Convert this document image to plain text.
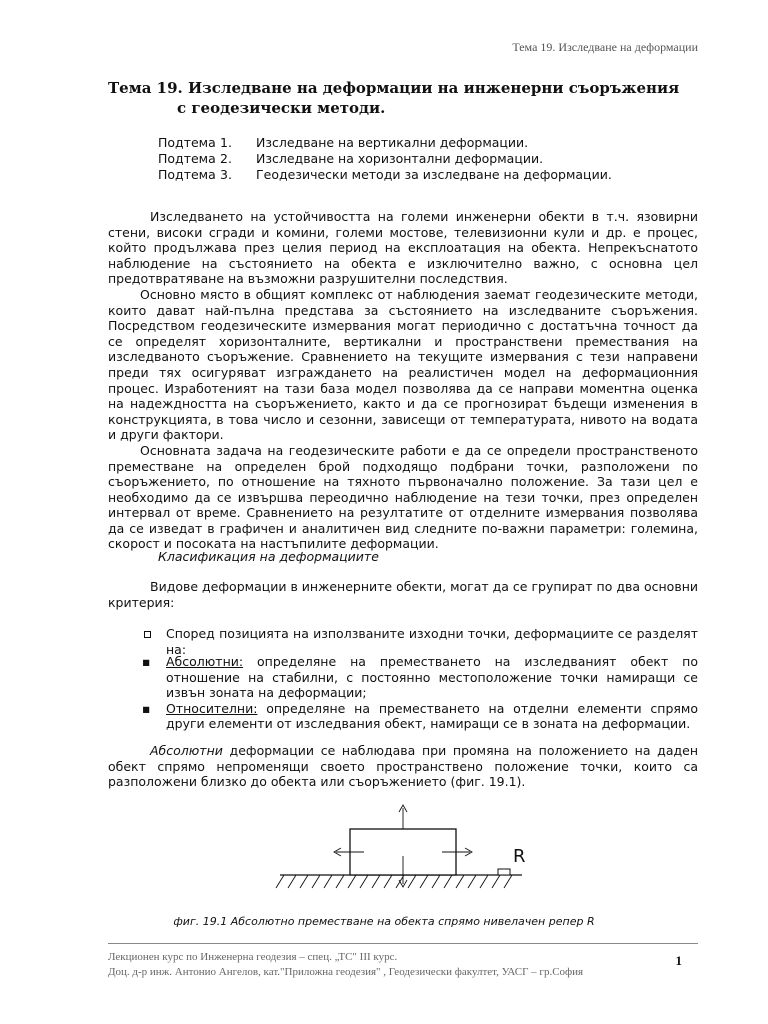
Тема 19. Изследване на деформации
Тема 19. Изследване на деформации на инженерни съоръжения
с геодезически методи.
Подтема 1. Изследване на вертикални деформации.
Подтема 2. Изследване на хоризонтални деформации.
Подтема 3. Геодезически методи за изследване на деформации.

Изследването на устойчивостта на големи инженерни обекти в т.ч. язовирни стени, високи сгради и комини, големи мостове, телевизионни кули и др. е процес, който продължава през целия период на експлоатация на обекта. Непрекъснатото наблюдение на състоянието на обекта е изключително важно, с основна цел предотвратяване на възможни разрушителни последствия.

Основно място в общият комплекс от наблюдения заемат геодезическите методи, които дават най-пълна представа за състоянието на изследваните съоръжения. Посредством геодезическите измервания могат периодично с достатъчна точност да се определят хоризонталните, вертикални и пространствени премествания на изследваното съоръжение. Сравнението на текущите измервания с тези направени преди тях осигуряват изграждането на реалистичен модел на деформационния процес. Изработеният на тази база модел позволява да се направи моментна оценка на надеждността на съоръжението, както и да се прогнозират бъдещи изменения в конструкцията, в това число и сезонни, зависещи от температурата, нивото на водата и други фактори.

Основната задача на геодезическите работи е да се определи пространственото преместване на определен брой подходящо подбрани точки, разположени по съоръжението, по отношение на тяхното първоначално положение. За тази цел е необходимо да се извършва переодично наблюдение на тези точки, през определен интервал от време. Сравнението на резултатите от отделните измервания позволява да се изведат в графичен и аналитичен вид следните по-важни параметри: големина, скорост и посоката на настъпилите деформации.

Класификация на деформациите

Видове деформации в инженерните обекти, могат да се групират по два основни критерия:

Според позицията на използваните изходни точки, деформациите се разделят на:
▪ Абсолютни: определяне на преместването на изследваният обект по отношение на стабилни, с постоянно местоположение точки намиращи се извън зоната на деформации;
▪ Относителни: определяне на преместването на отделни елементи спрямо други елементи от изследвания обект, намиращи се в зоната на деформации.

Абсолютни деформации се наблюдава при промяна на положението на даден обект спрямо непроменящи своето пространствено положение точки, които са разположени близко до обекта или съоръжението (фиг. 19.1).

R
фиг. 19.1 Абсолютно преместване на обекта спрямо нивелачен репер R
Лекционен курс по Инженерна геодезия – спец. „ТС" III курс.
Доц. д-р инж. Антонио Ангелов, кат."Приложна геодезия" , Геодезически факултет, УАСГ – гр.София
1
